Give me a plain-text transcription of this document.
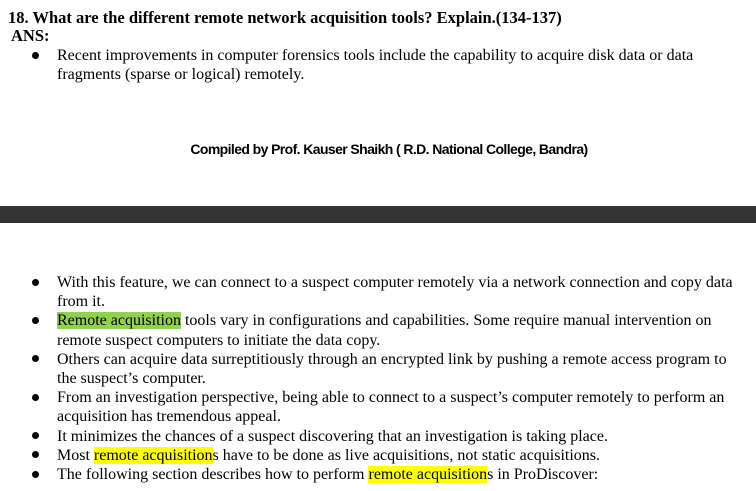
18. What are the different remote network acquisition tools? Explain.(134-137)
ANS:
Recent improvements in computer forensics tools include the capability to acquire disk data or data fragments (sparse or logical) remotely.
Compiled by Prof. Kauser Shaikh ( R.D. National College, Bandra)
With this feature, we can connect to a suspect computer remotely via a network connection and copy data from it.
Remote acquisition tools vary in configurations and capabilities. Some require manual intervention on remote suspect computers to initiate the data copy.
Others can acquire data surreptitiously through an encrypted link by pushing a remote access program to the suspect’s computer.
From an investigation perspective, being able to connect to a suspect’s computer remotely to perform an acquisition has tremendous appeal.
It minimizes the chances of a suspect discovering that an investigation is taking place.
Most remote acquisitions have to be done as live acquisitions, not static acquisitions.
The following section describes how to perform remote acquisitions in ProDiscover:
